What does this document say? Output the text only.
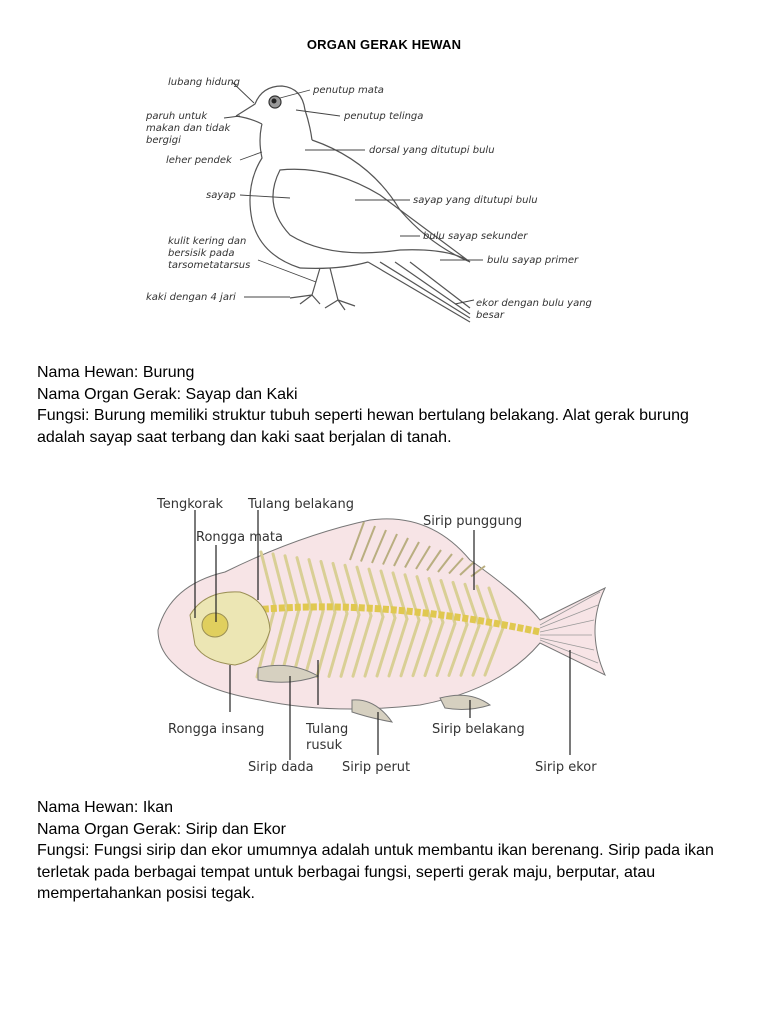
ORGAN GERAK HEWAN
lubang hidung
paruh untuk
makan dan tidak
bergigi
leher pendek
sayap
kulit kering dan
bersisik pada
tarsometatarsus
kaki dengan 4 jari
penutup mata
penutup telinga
dorsal yang ditutupi bulu
sayap yang ditutupi bulu
bulu sayap sekunder
bulu sayap primer
ekor dengan bulu yang
besar

Nama Hewan: Burung

Nama Organ Gerak: Sayap dan Kaki

Fungsi: Burung memiliki struktur tubuh seperti hewan bertulang belakang. Alat gerak burung adalah sayap saat terbang dan kaki saat berjalan di tanah.

Tengkorak Tulang belakang
Rongga mata
Sirip punggung
Rongga insang	Tulang
rusuk
Sirip belakang
Sirip dada Sirip perut	Sirip ekor

Nama Hewan: Ikan

Nama Organ Gerak: Sirip dan Ekor

Fungsi: Fungsi sirip dan ekor umumnya adalah untuk membantu ikan berenang. Sirip pada ikan terletak pada berbagai tempat untuk berbagai fungsi, seperti gerak maju, berputar, atau mempertahankan posisi tegak.
